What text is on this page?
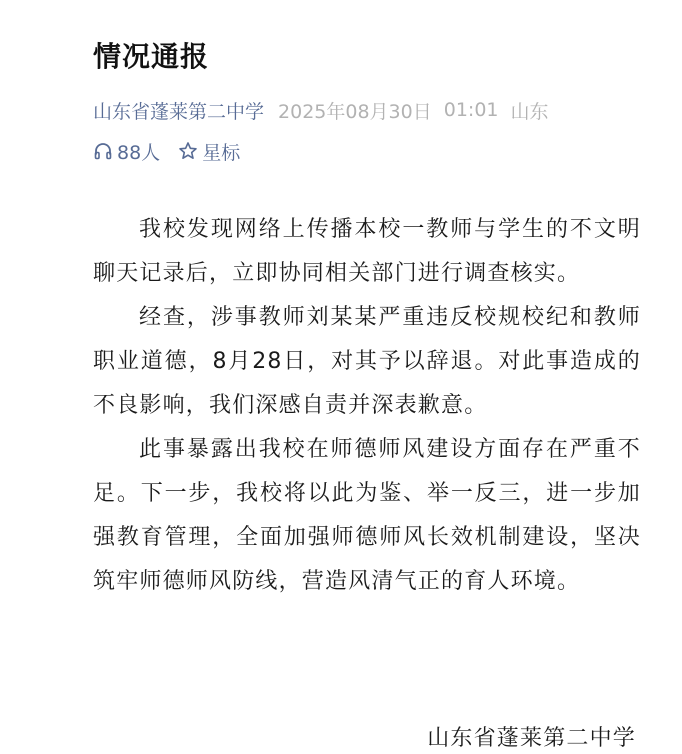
情况通报
山东省蓬莱第二中学 2025年08月30日 01:01 山东
88人 星标

我校发现网络上传播本校一教师与学生的不文明聊天记录后，立即协同相关部门进行调查核实。

经查，涉事教师刘某某严重违反校规校纪和教师职业道德，8月28日，对其予以辞退。对此事造成的不良影响，我们深感自责并深表歉意。

此事暴露出我校在师德师风建设方面存在严重不足。下一步，我校将以此为鉴、举一反三，进一步加强教育管理，全面加强师德师风长效机制建设，坚决筑牢师德师风防线，营造风清气正的育人环境。

山东省蓬莱第二中学
